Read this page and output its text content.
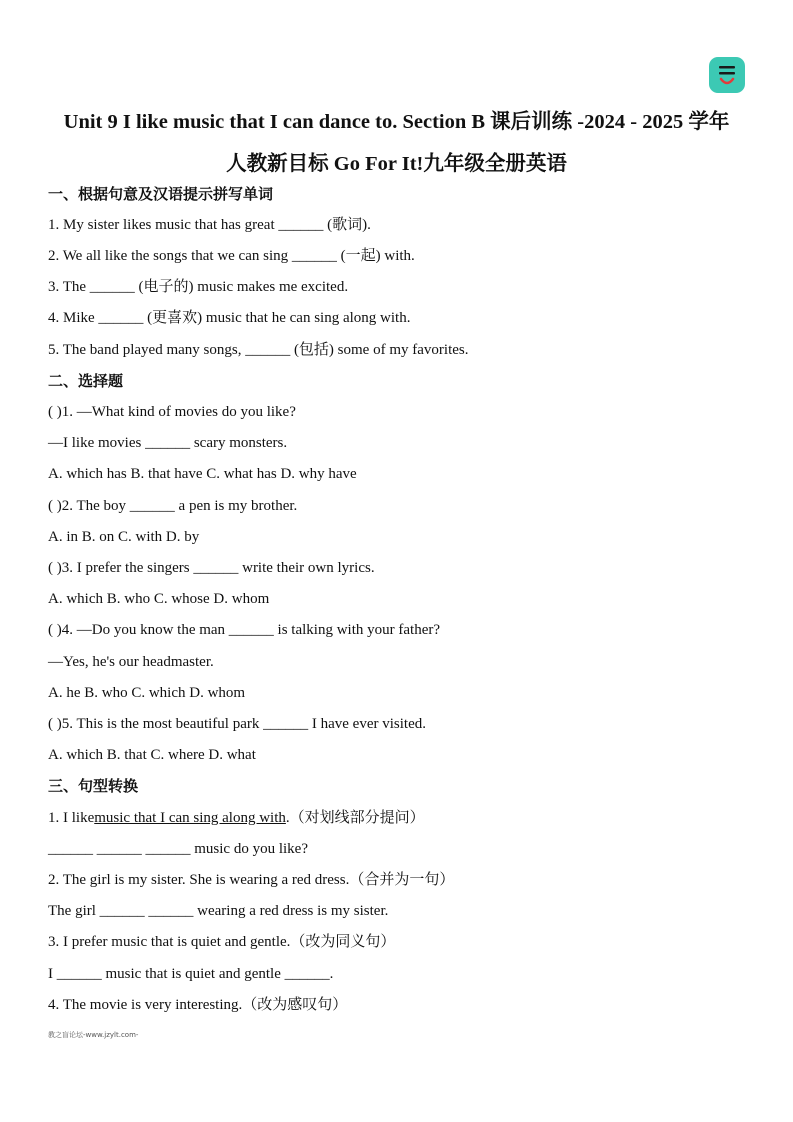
Unit 9 I like music that I can dance to. Section B 课后训练 -2024 - 2025 学年
人教新目标 Go For It!九年级全册英语
一、根据句意及汉语提示拼写单词
1. My sister likes music that has great ______ (歌词).
2. We all like the songs that we can sing ______ (一起) with.
3. The ______ (电子的) music makes me excited.
4. Mike ______ (更喜欢) music that he can sing along with.
5. The band played many songs, ______ (包括) some of my favorites.
二、选择题
( )1. —What kind of movies do you like?
—I like movies ______ scary monsters.
A. which has B. that have C. what has D. why have
( )2. The boy ______ a pen is my brother.
A. in B. on C. with D. by
( )3. I prefer the singers ______ write their own lyrics.
A. which B. who C. whose D. whom
( )4. —Do you know the man ______ is talking with your father?
—Yes, he's our headmaster.
A. he B. who C. which D. whom
( )5. This is the most beautiful park ______ I have ever visited.
A. which B. that C. where D. what
三、句型转换
1. I likemusic that I can sing along with.（对划线部分提问）
______ ______ ______ music do you like?
2. The girl is my sister. She is wearing a red dress.（合并为一句）
The girl ______ ______ wearing a red dress is my sister.
3. I prefer music that is quiet and gentle.（改为同义句）
I ______ music that is quiet and gentle ______.
4. The movie is very interesting.（改为感叹句）
教之盲论坛-www.jzylt.com-
